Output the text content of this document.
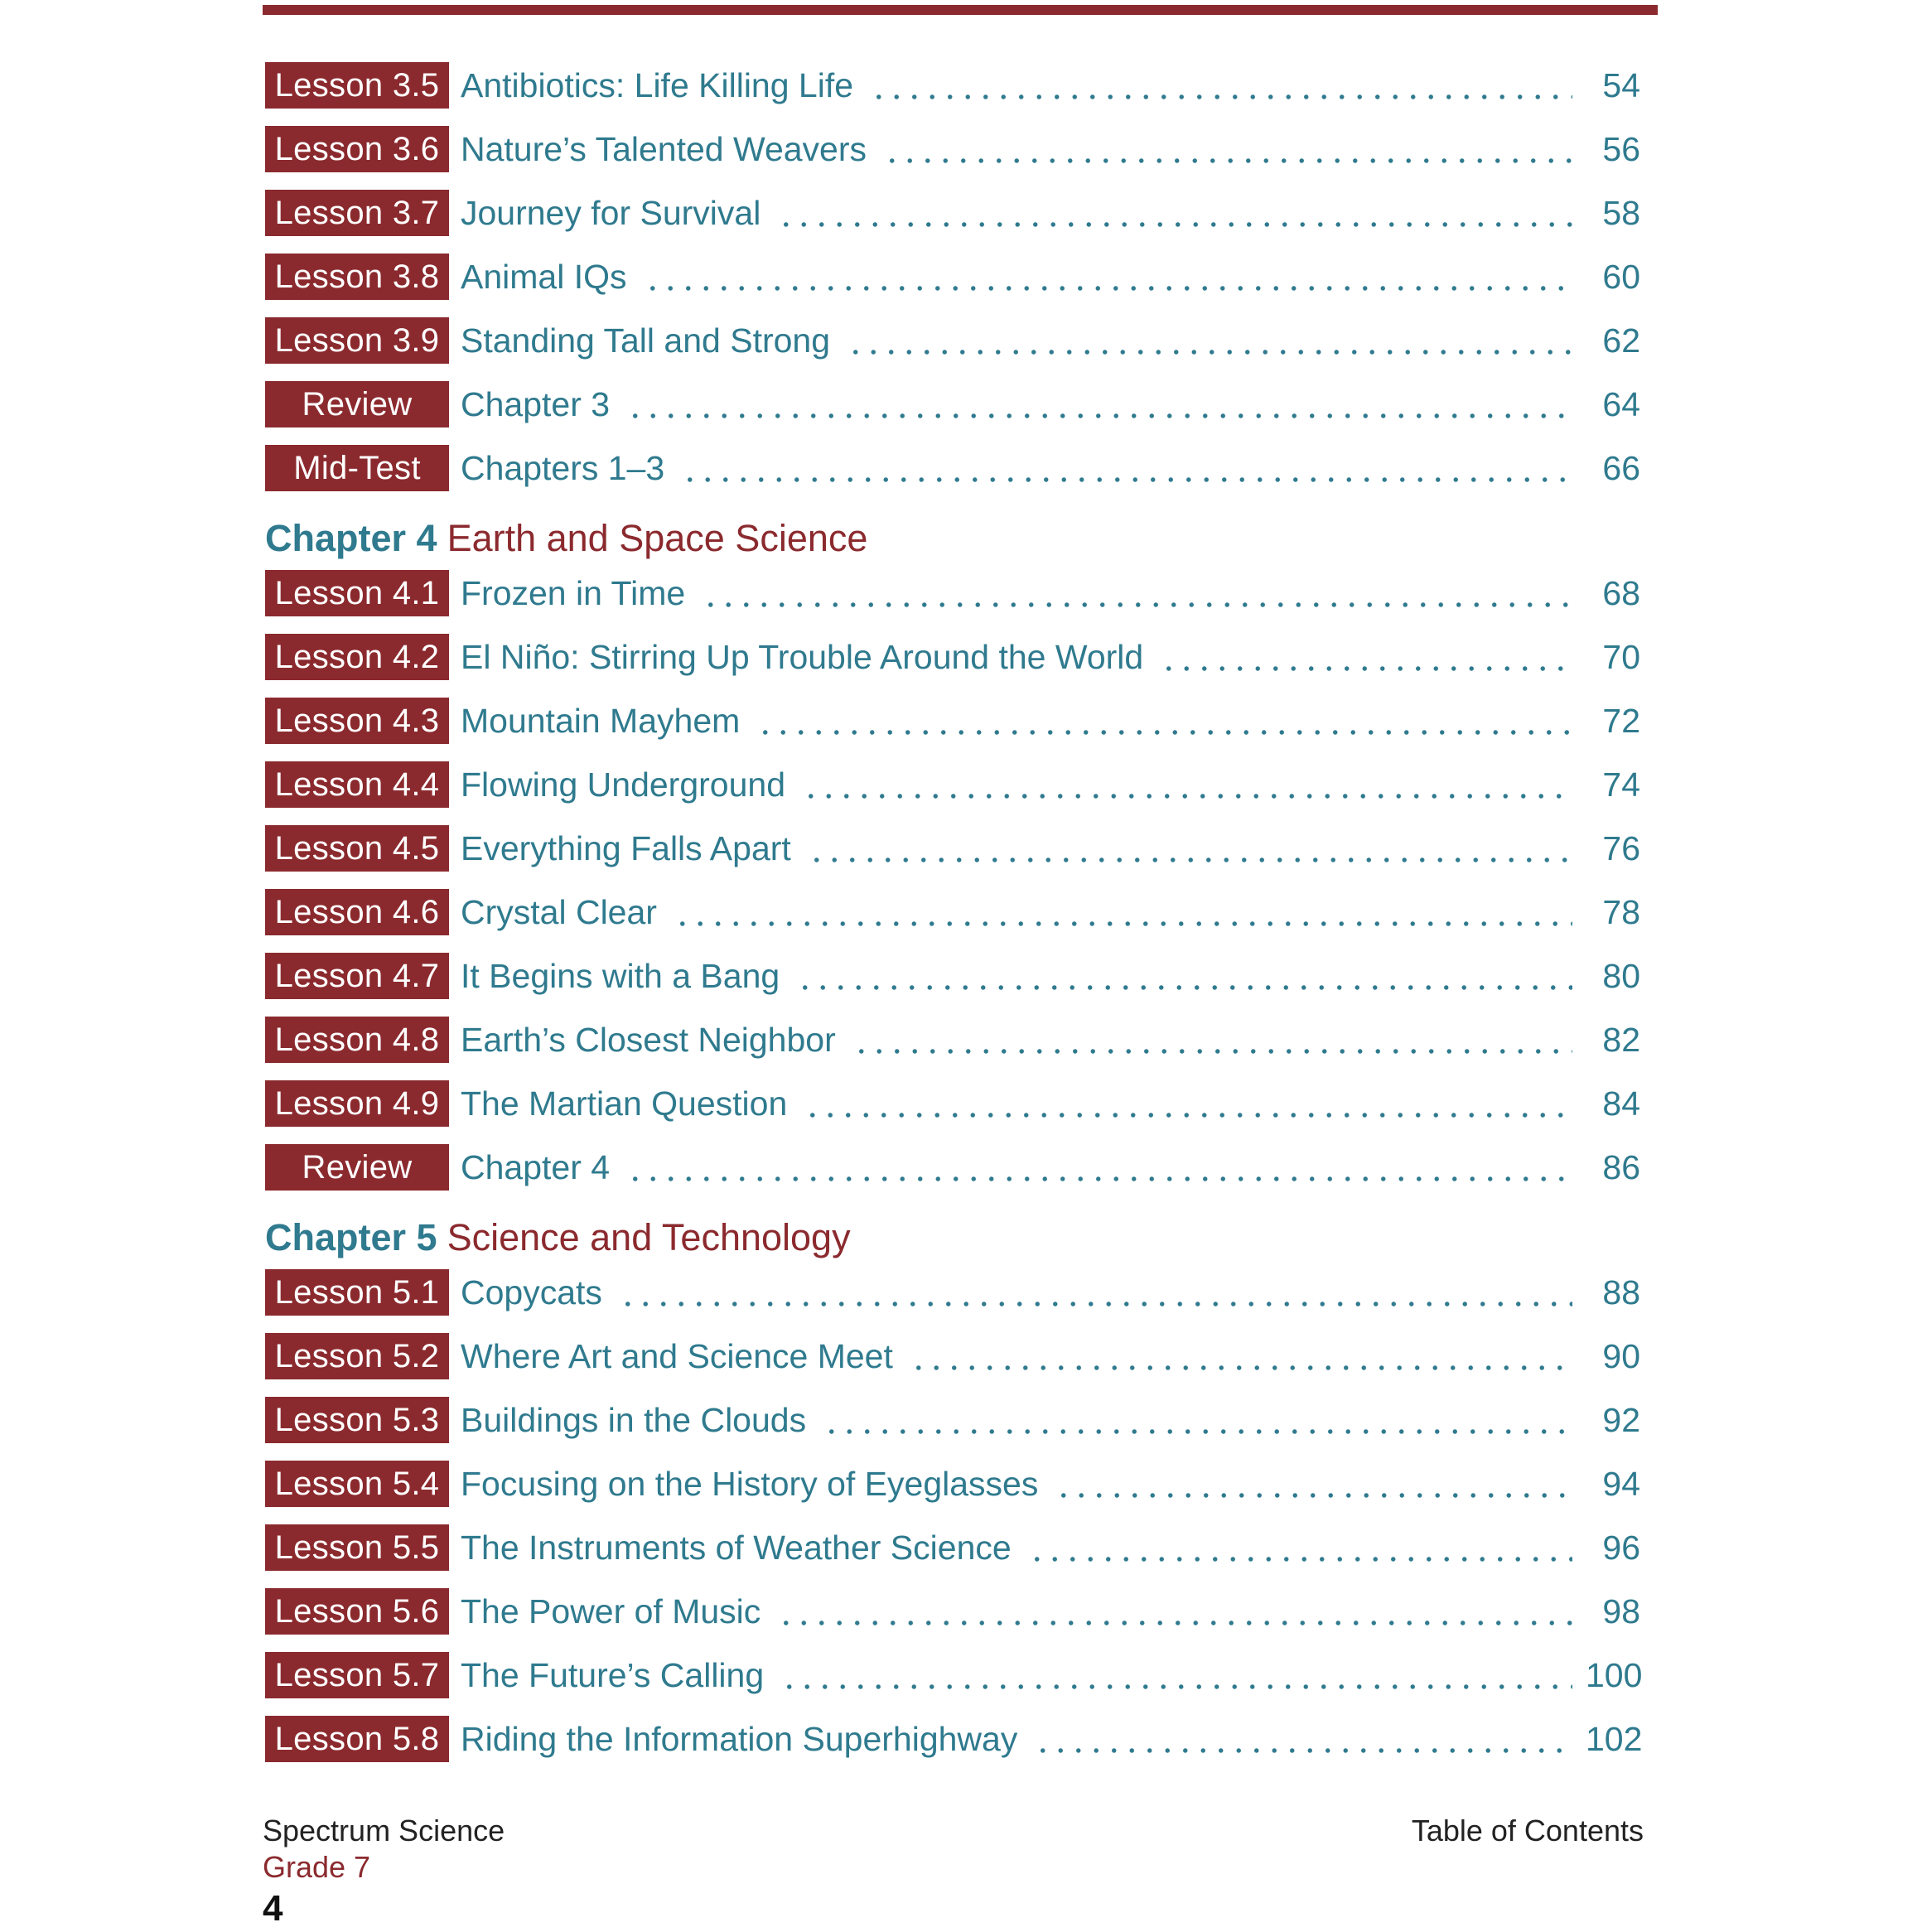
Lesson 3.5 Antibiotics: Life Killing Life	54
Lesson 3.6 Nature’s Talented Weavers	56
Lesson 3.7 Journey for Survival	58
Lesson 3.8 Animal IQs	60
Lesson 3.9 Standing Tall and Strong	62
Review	Chapter 3	64
Mid-Test	Chapters 1–3	66
Chapter 4 Earth and Space Science
Lesson 4.1 Frozen in Time	68
Lesson 4.2 El Niño: Stirring Up Trouble Around the World	70
Lesson 4.3 Mountain Mayhem	72
Lesson 4.4 Flowing Underground	74
Lesson 4.5 Everything Falls Apart	76
Lesson 4.6 Crystal Clear	78
Lesson 4.7 It Begins with a Bang	80
Lesson 4.8 Earth’s Closest Neighbor	82
Lesson 4.9 The Martian Question	84
Review	Chapter 4	86
Chapter 5 Science and Technology
Lesson 5.1 Copycats	88
Lesson 5.2 Where Art and Science Meet	90
Lesson 5.3 Buildings in the Clouds	92
Lesson 5.4 Focusing on the History of Eyeglasses	94
Lesson 5.5 The Instruments of Weather Science	96
Lesson 5.6 The Power of Music	98
Lesson 5.7 The Future’s Calling	100
Lesson 5.8 Riding the Information Superhighway	102
Spectrum Science
Grade 7
4
Table of Contents
